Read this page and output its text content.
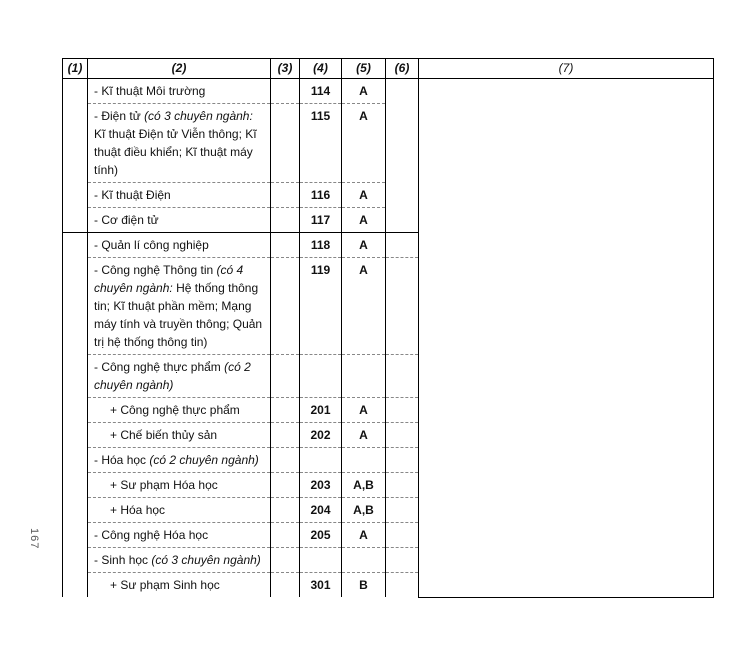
167
(1)	(2)	(3)	(4)	(5)	(6)	(7)
	- Kĩ thuật Môi trường		114	A		
	- Điện tử (có 3 chuyên ngành: Kĩ thuật Điện tử Viễn thông; Kĩ thuật điều khiển; Kĩ thuật máy tính)		115	A		
	- Kĩ thuật Điện		116	A		
	- Cơ điện tử		117	A		
	- Quản lí công nghiệp		118	A		
	- Công nghệ Thông tin (có 4 chuyên ngành: Hệ thống thông tin; Kĩ thuật phần mềm; Mạng máy tính và truyền thông; Quản trị hệ thống thông tin)		119	A		
	- Công nghệ thực phẩm (có 2 chuyên ngành)					
	+ Công nghệ thực phẩm		201	A		
	+ Chế biến thủy sản		202	A		
	- Hóa học (có 2 chuyên ngành)					
	+ Sư phạm Hóa học		203	A,B		
	+ Hóa học		204	A,B		
	- Công nghệ Hóa học		205	A		
	- Sinh học (có 3 chuyên ngành)					
	+ Sư phạm Sinh học		301	B		
